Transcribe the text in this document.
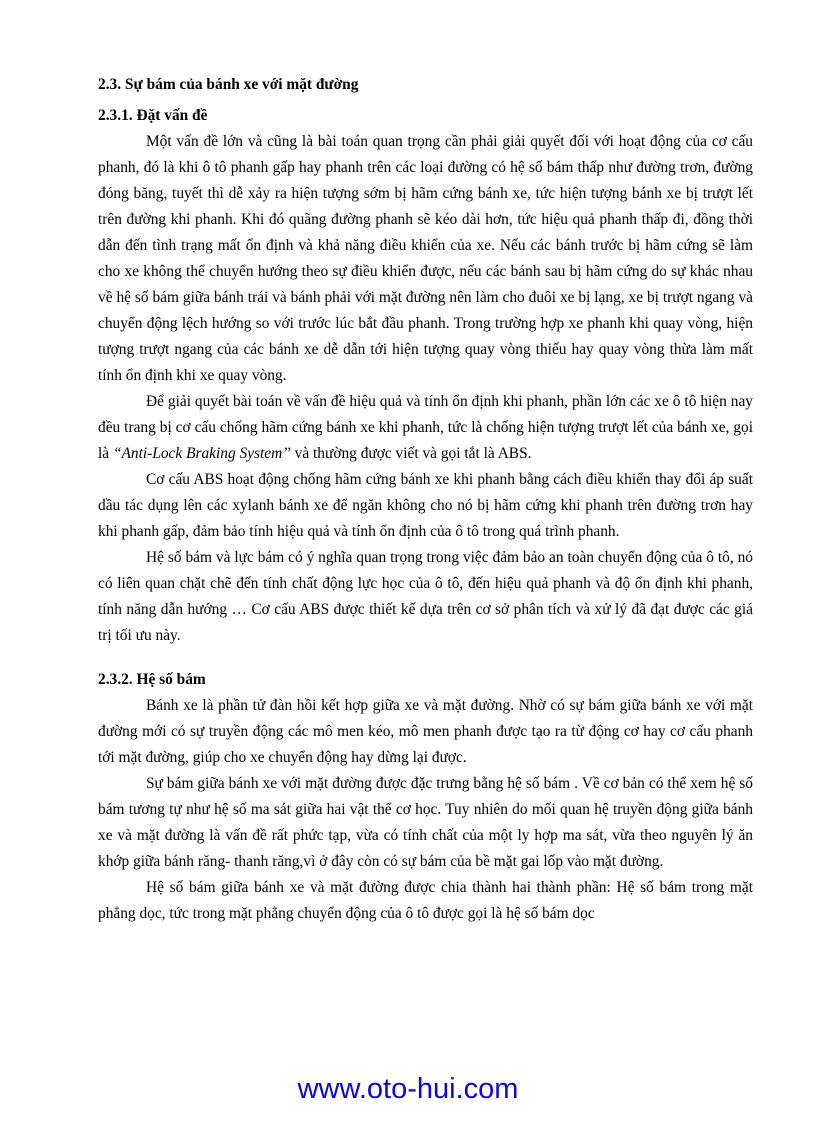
2.3. Sự bám của bánh xe với mặt đường
2.3.1. Đặt vấn đề

Một vấn đề lớn và cũng là bài toán quan trọng cần phải giải quyết đối với hoạt động của cơ cấu phanh, đó là khi ô tô phanh gấp hay phanh trên các loại đường có hệ số bám thấp như đường trơn, đường đóng băng, tuyết thì dễ xảy ra hiện tượng sớm bị hãm cứng bánh xe, tức hiện tượng bánh xe bị trượt lết trên đường khi phanh. Khi đó quãng đường phanh sẽ kéo dài hơn, tức hiệu quả phanh thấp đi, đồng thời dẫn đến tình trạng mất ổn định và khả năng điều khiển của xe. Nếu các bánh trước bị hãm cứng sẽ làm cho xe không thể chuyển hướng theo sự điều khiển được, nếu các bánh sau bị hãm cứng do sự khác nhau về hệ số bám giữa bánh trái và bánh phải với mặt đường nên làm cho đuôi xe bị lạng, xe bị trượt ngang và chuyển động lệch hướng so với trước lúc bắt đầu phanh. Trong trường hợp xe phanh khi quay vòng, hiện tượng trượt ngang của các bánh xe dễ dẫn tới hiện tượng quay vòng thiếu hay quay vòng thừa làm mất tính ổn định khi xe quay vòng.

Để giải quyết bài toán về vấn đề hiệu quả và tính ổn định khi phanh, phần lớn các xe ô tô hiện nay đều trang bị cơ cấu chống hãm cứng bánh xe khi phanh, tức là chống hiện tượng trượt lết của bánh xe, gọi là “Anti-Lock Braking System’’ và thường được viết và gọi tắt là ABS.

Cơ cấu ABS hoạt động chống hãm cứng bánh xe khi phanh bằng cách điều khiển thay đổi áp suất dầu tác dụng lên các xylanh bánh xe để ngăn không cho nó bị hãm cứng khi phanh trên đường trơn hay khi phanh gấp, đảm bảo tính hiệu quả và tính ổn định của ô tô trong quá trình phanh.

Hệ số bám và lực bám có ý nghĩa quan trọng trong việc đảm bảo an toàn chuyển động của ô tô, nó có liên quan chặt chẽ đến tính chất động lực học của ô tô, đến hiệu quả phanh và độ ổn định khi phanh, tính năng dẫn hướng … Cơ cấu ABS được thiết kế dựa trên cơ sở phân tích và xử lý đã đạt được các giá trị tối ưu này.

2.3.2. Hệ số bám

Bánh xe là phần tử đàn hồi kết hợp giữa xe và mặt đường. Nhờ có sự bám giữa bánh xe với mặt đường mới có sự truyền động các mô men kéo, mô men phanh được tạo ra từ động cơ hay cơ cấu phanh tới mặt đường, giúp cho xe chuyển động hay dừng lại được.

Sự bám giữa bánh xe với mặt đường được đặc trưng bằng hệ số bám . Về cơ bản có thể xem hệ số bám tương tự như hệ số ma sát giữa hai vật thể cơ học. Tuy nhiên do mối quan hệ truyền động giữa bánh xe và mặt đường là vấn đề rất phức tạp, vừa có tính chất của một ly hợp ma sát, vừa theo nguyên lý ăn khớp giữa bánh răng- thanh răng,vì ở đây còn có sự bám của bề mặt gai lốp vào mặt đường.

Hệ số bám giữa bánh xe và mặt đường được chia thành hai thành phần: Hệ số bám trong mặt phẳng dọc, tức trong mặt phẳng chuyển động của ô tô được gọi là hệ số bám dọc

www.oto-hui.com
